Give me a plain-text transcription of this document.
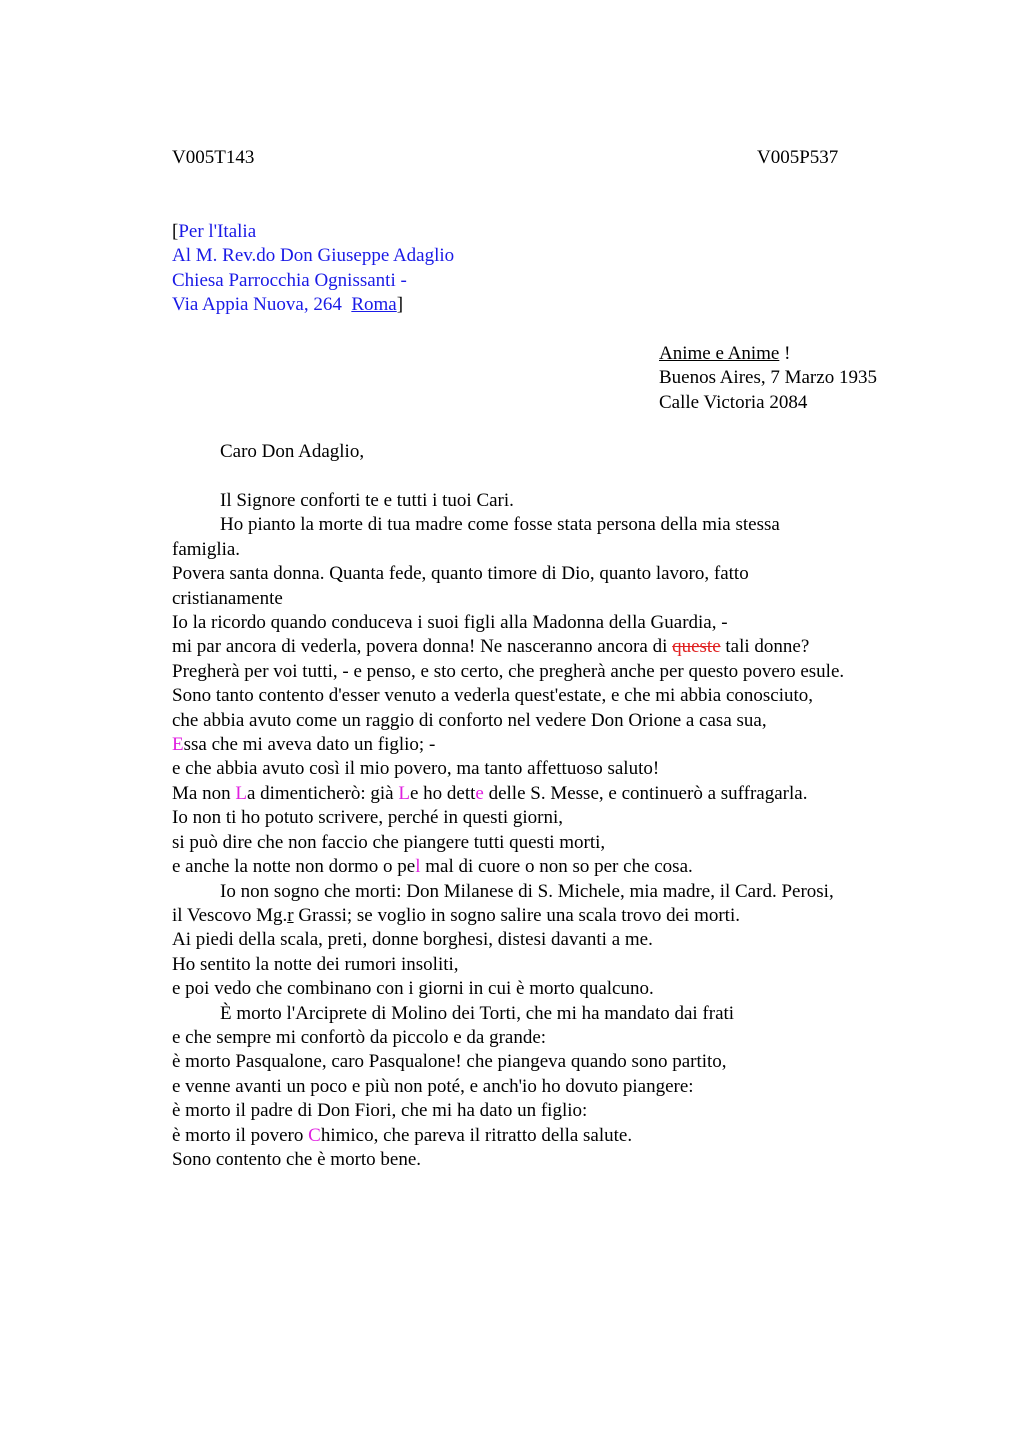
V005T143	V005P537
[Per l'Italia
Al M. Rev.do Don Giuseppe Adaglio
Chiesa Parrocchia Ognissanti -
Via Appia Nuova, 264  Roma]
Anime e Anime !
Buenos Aires, 7 Marzo 1935
Calle Victoria 2084
Caro Don Adaglio,
Il Signore conforti te e tutti i tuoi Cari.
Ho pianto la morte di tua madre come fosse stata persona della mia stessa
famiglia.
Povera santa donna. Quanta fede, quanto timore di Dio, quanto lavoro, fatto
cristianamente
Io la ricordo quando conduceva i suoi figli alla Madonna della Guardia, -
mi par ancora di vederla, povera donna! Ne nasceranno ancora di queste tali donne?
Pregherà per voi tutti, - e penso, e sto certo, che pregherà anche per questo povero esule.
Sono tanto contento d'esser venuto a vederla quest'estate, e che mi abbia conosciuto,
che abbia avuto come un raggio di conforto nel vedere Don Orione a casa sua,
Essa che mi aveva dato un figlio; -
e che abbia avuto così il mio povero, ma tanto affettuoso saluto!
Ma non La dimenticherò: già Le ho dette delle S. Messe, e continuerò a suffragarla.
Io non ti ho potuto scrivere, perché in questi giorni,
si può dire che non faccio che piangere tutti questi morti,
e anche la notte non dormo o pel mal di cuore o non so per che cosa.
Io non sogno che morti: Don Milanese di S. Michele, mia madre, il Card. Perosi,
il Vescovo Mg.r Grassi; se voglio in sogno salire una scala trovo dei morti.
Ai piedi della scala, preti, donne borghesi, distesi davanti a me.
Ho sentito la notte dei rumori insoliti,
e poi vedo che combinano con i giorni in cui è morto qualcuno.
È morto l'Arciprete di Molino dei Torti, che mi ha mandato dai frati
e che sempre mi confortò da piccolo e da grande:
è morto Pasqualone, caro Pasqualone! che piangeva quando sono partito,
e venne avanti un poco e più non poté, e anch'io ho dovuto piangere:
è morto il padre di Don Fiori, che mi ha dato un figlio:
è morto il povero Chimico, che pareva il ritratto della salute.
Sono contento che è morto bene.
